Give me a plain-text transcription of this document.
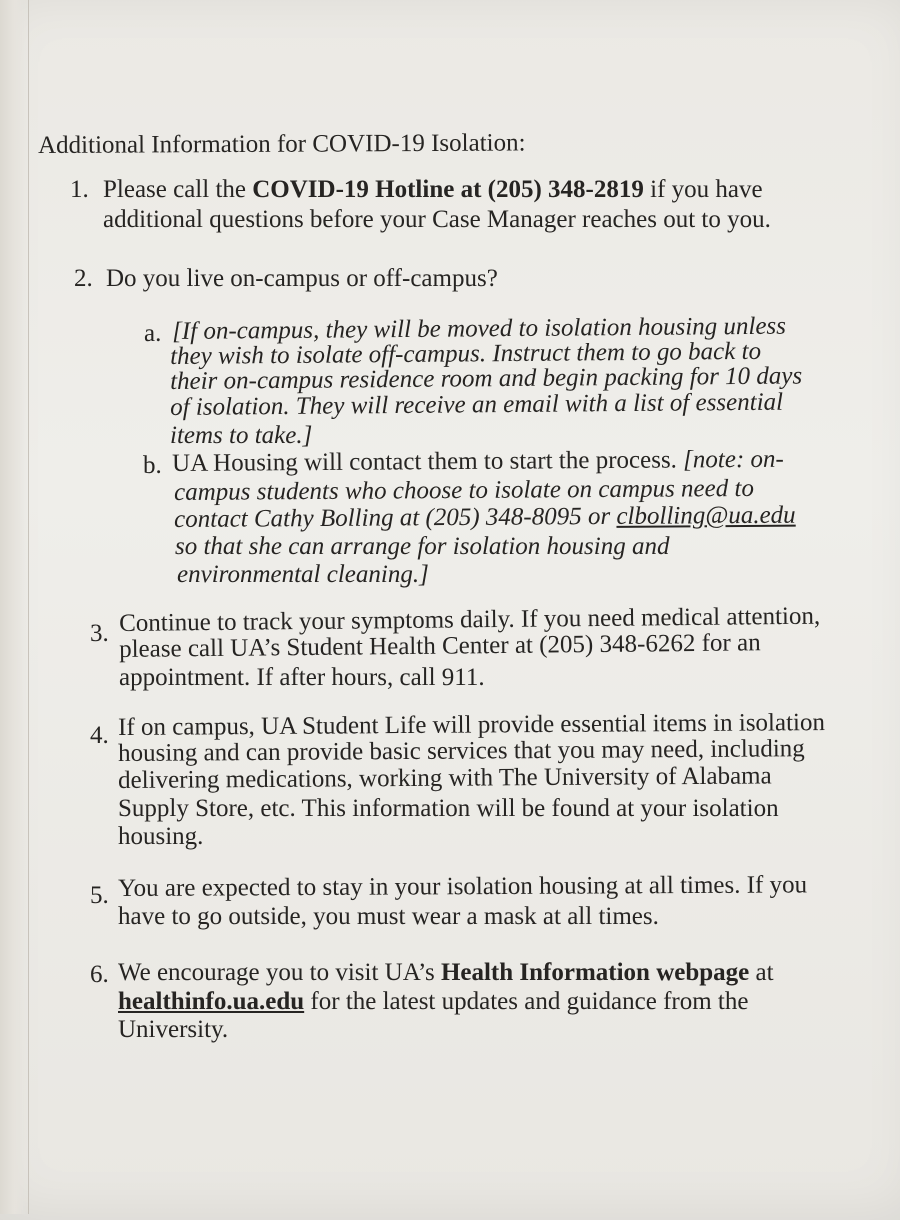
Additional Information for COVID-19 Isolation:
1. Please call the COVID-19 Hotline at (205) 348-2819 if you have
additional questions before your Case Manager reaches out to you.
2. Do you live on-campus or off-campus?
a. [If on-campus, they will be moved to isolation housing unless
they wish to isolate off-campus. Instruct them to go back to
their on-campus residence room and begin packing for 10 days
of isolation. They will receive an email with a list of essential
items to take.]
b. UA Housing will contact them to start the process. [note: on-
campus students who choose to isolate on campus need to
contact Cathy Bolling at (205) 348-8095 or clbolling@ua.edu
so that she can arrange for isolation housing and
environmental cleaning.]
3. Continue to track your symptoms daily. If you need medical attention,
please call UA’s Student Health Center at (205) 348-6262 for an
appointment. If after hours, call 911.
4. If on campus, UA Student Life will provide essential items in isolation
housing and can provide basic services that you may need, including
delivering medications, working with The University of Alabama
Supply Store, etc. This information will be found at your isolation
housing.
5. You are expected to stay in your isolation housing at all times. If you
have to go outside, you must wear a mask at all times.
6. We encourage you to visit UA’s Health Information webpage at
healthinfo.ua.edu for the latest updates and guidance from the
University.
